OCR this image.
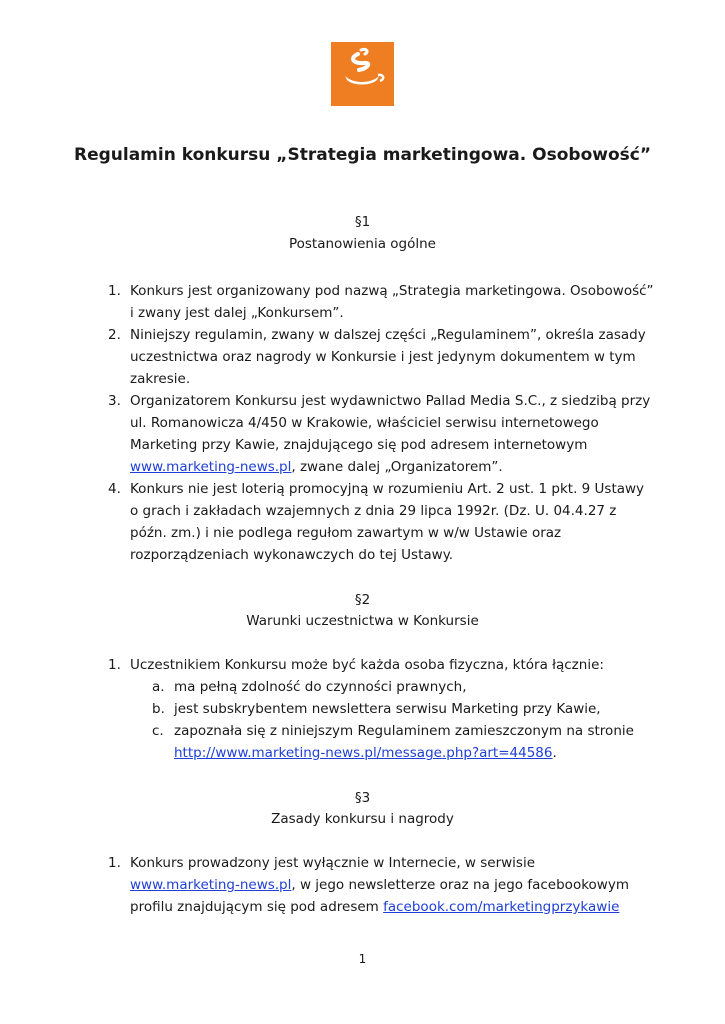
Regulamin konkursu „Strategia marketingowa. Osobowość”
§1
Postanowienia ogólne
1. Konkurs jest organizowany pod nazwą „Strategia marketingowa. Osobowość”

i zwany jest dalej „Konkursem”.

2. Niniejszy regulamin, zwany w dalszej części „Regulaminem”, określa zasady

uczestnictwa oraz nagrody w Konkursie i jest jedynym dokumentem w tym

zakresie.

3. Organizatorem Konkursu jest wydawnictwo Pallad Media S.C., z siedzibą przy

ul. Romanowicza 4/450 w Krakowie, właściciel serwisu internetowego

Marketing przy Kawie, znajdującego się pod adresem internetowym

www.marketing-news.pl, zwane dalej „Organizatorem”.

4. Konkurs nie jest loterią promocyjną w rozumieniu Art. 2 ust. 1 pkt. 9 Ustawy

o grach i zakładach wzajemnych z dnia 29 lipca 1992r. (Dz. U. 04.4.27 z

późn. zm.) i nie podlega regułom zawartym w w/w Ustawie oraz

rozporządzeniach wykonawczych do tej Ustawy.

§2
Warunki uczestnictwa w Konkursie
1. Uczestnikiem Konkursu może być każda osoba fizyczna, która łącznie:

a. ma pełną zdolność do czynności prawnych,

b. jest subskrybentem newslettera serwisu Marketing przy Kawie,

c. zapoznała się z niniejszym Regulaminem zamieszczonym na stronie

http://www.marketing-news.pl/message.php?art=44586.

§3
Zasady konkursu i nagrody
1. Konkurs prowadzony jest wyłącznie w Internecie, w serwisie

www.marketing-news.pl, w jego newsletterze oraz na jego facebookowym

profilu znajdującym się pod adresem facebook.com/marketingprzykawie

1
